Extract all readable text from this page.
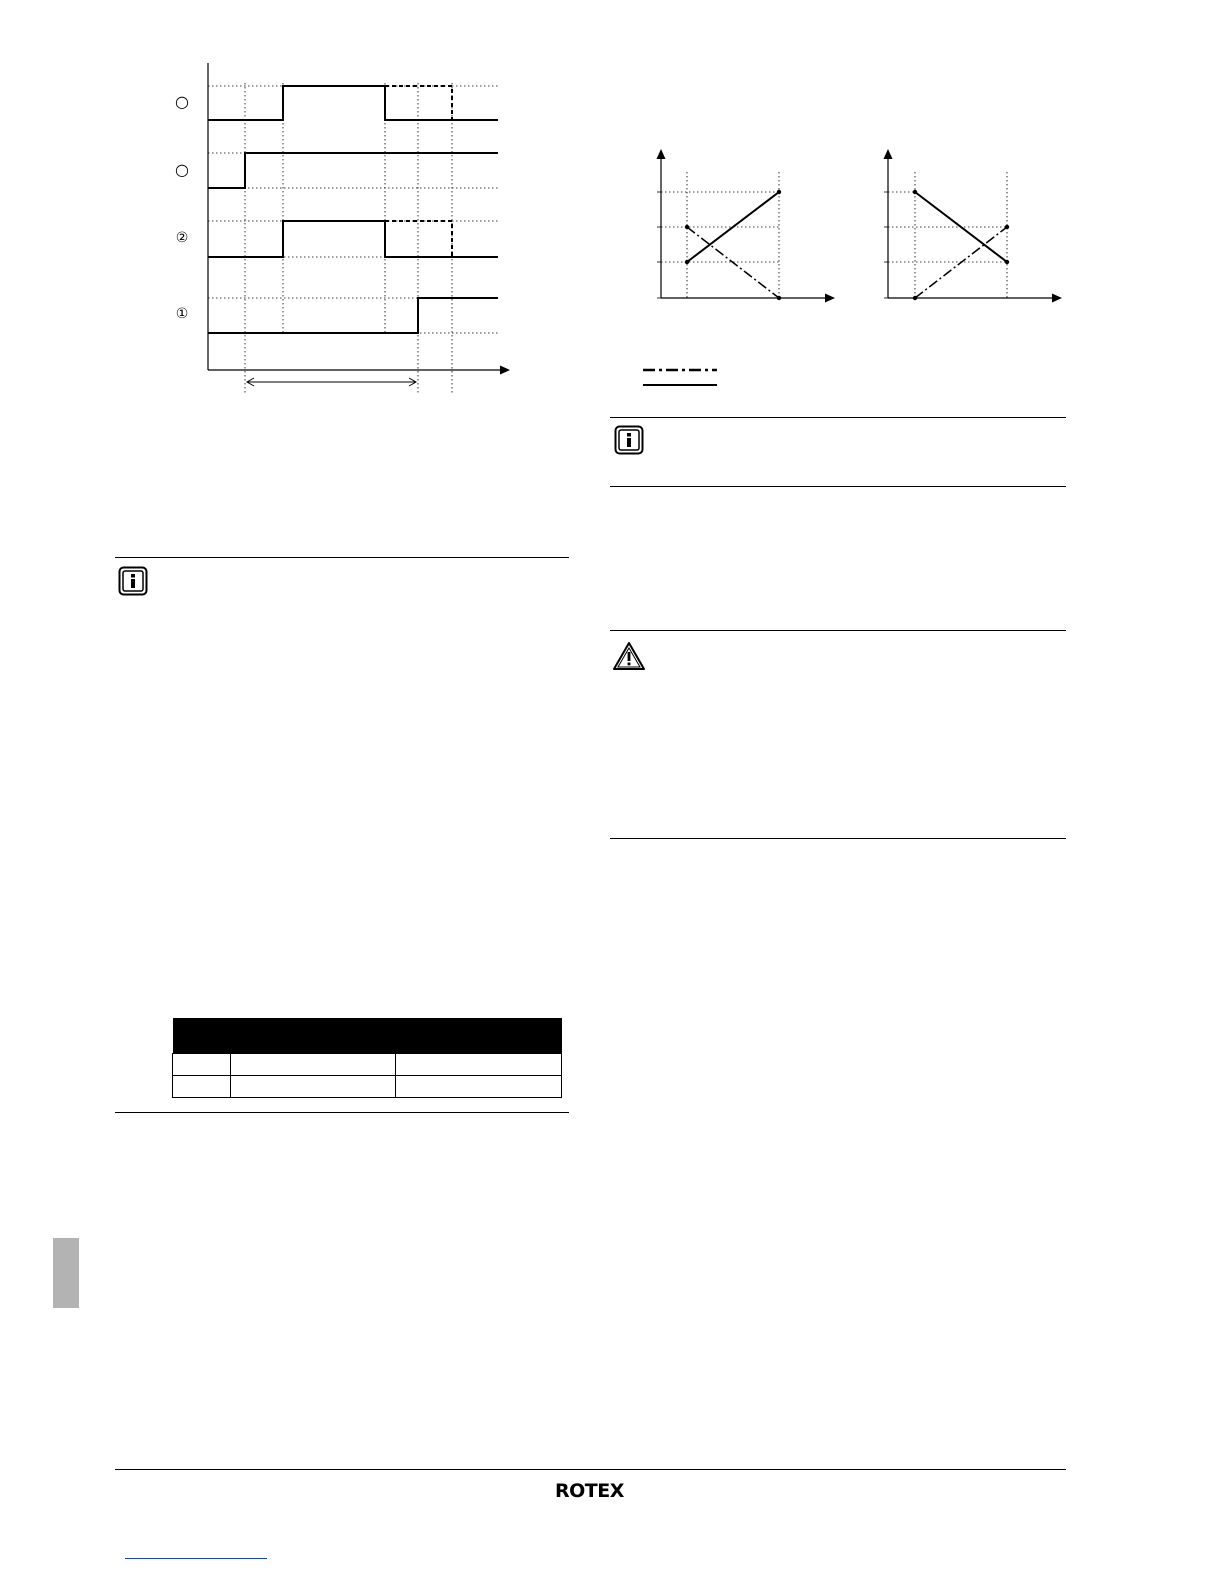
○
○
②
①

ROTEX
